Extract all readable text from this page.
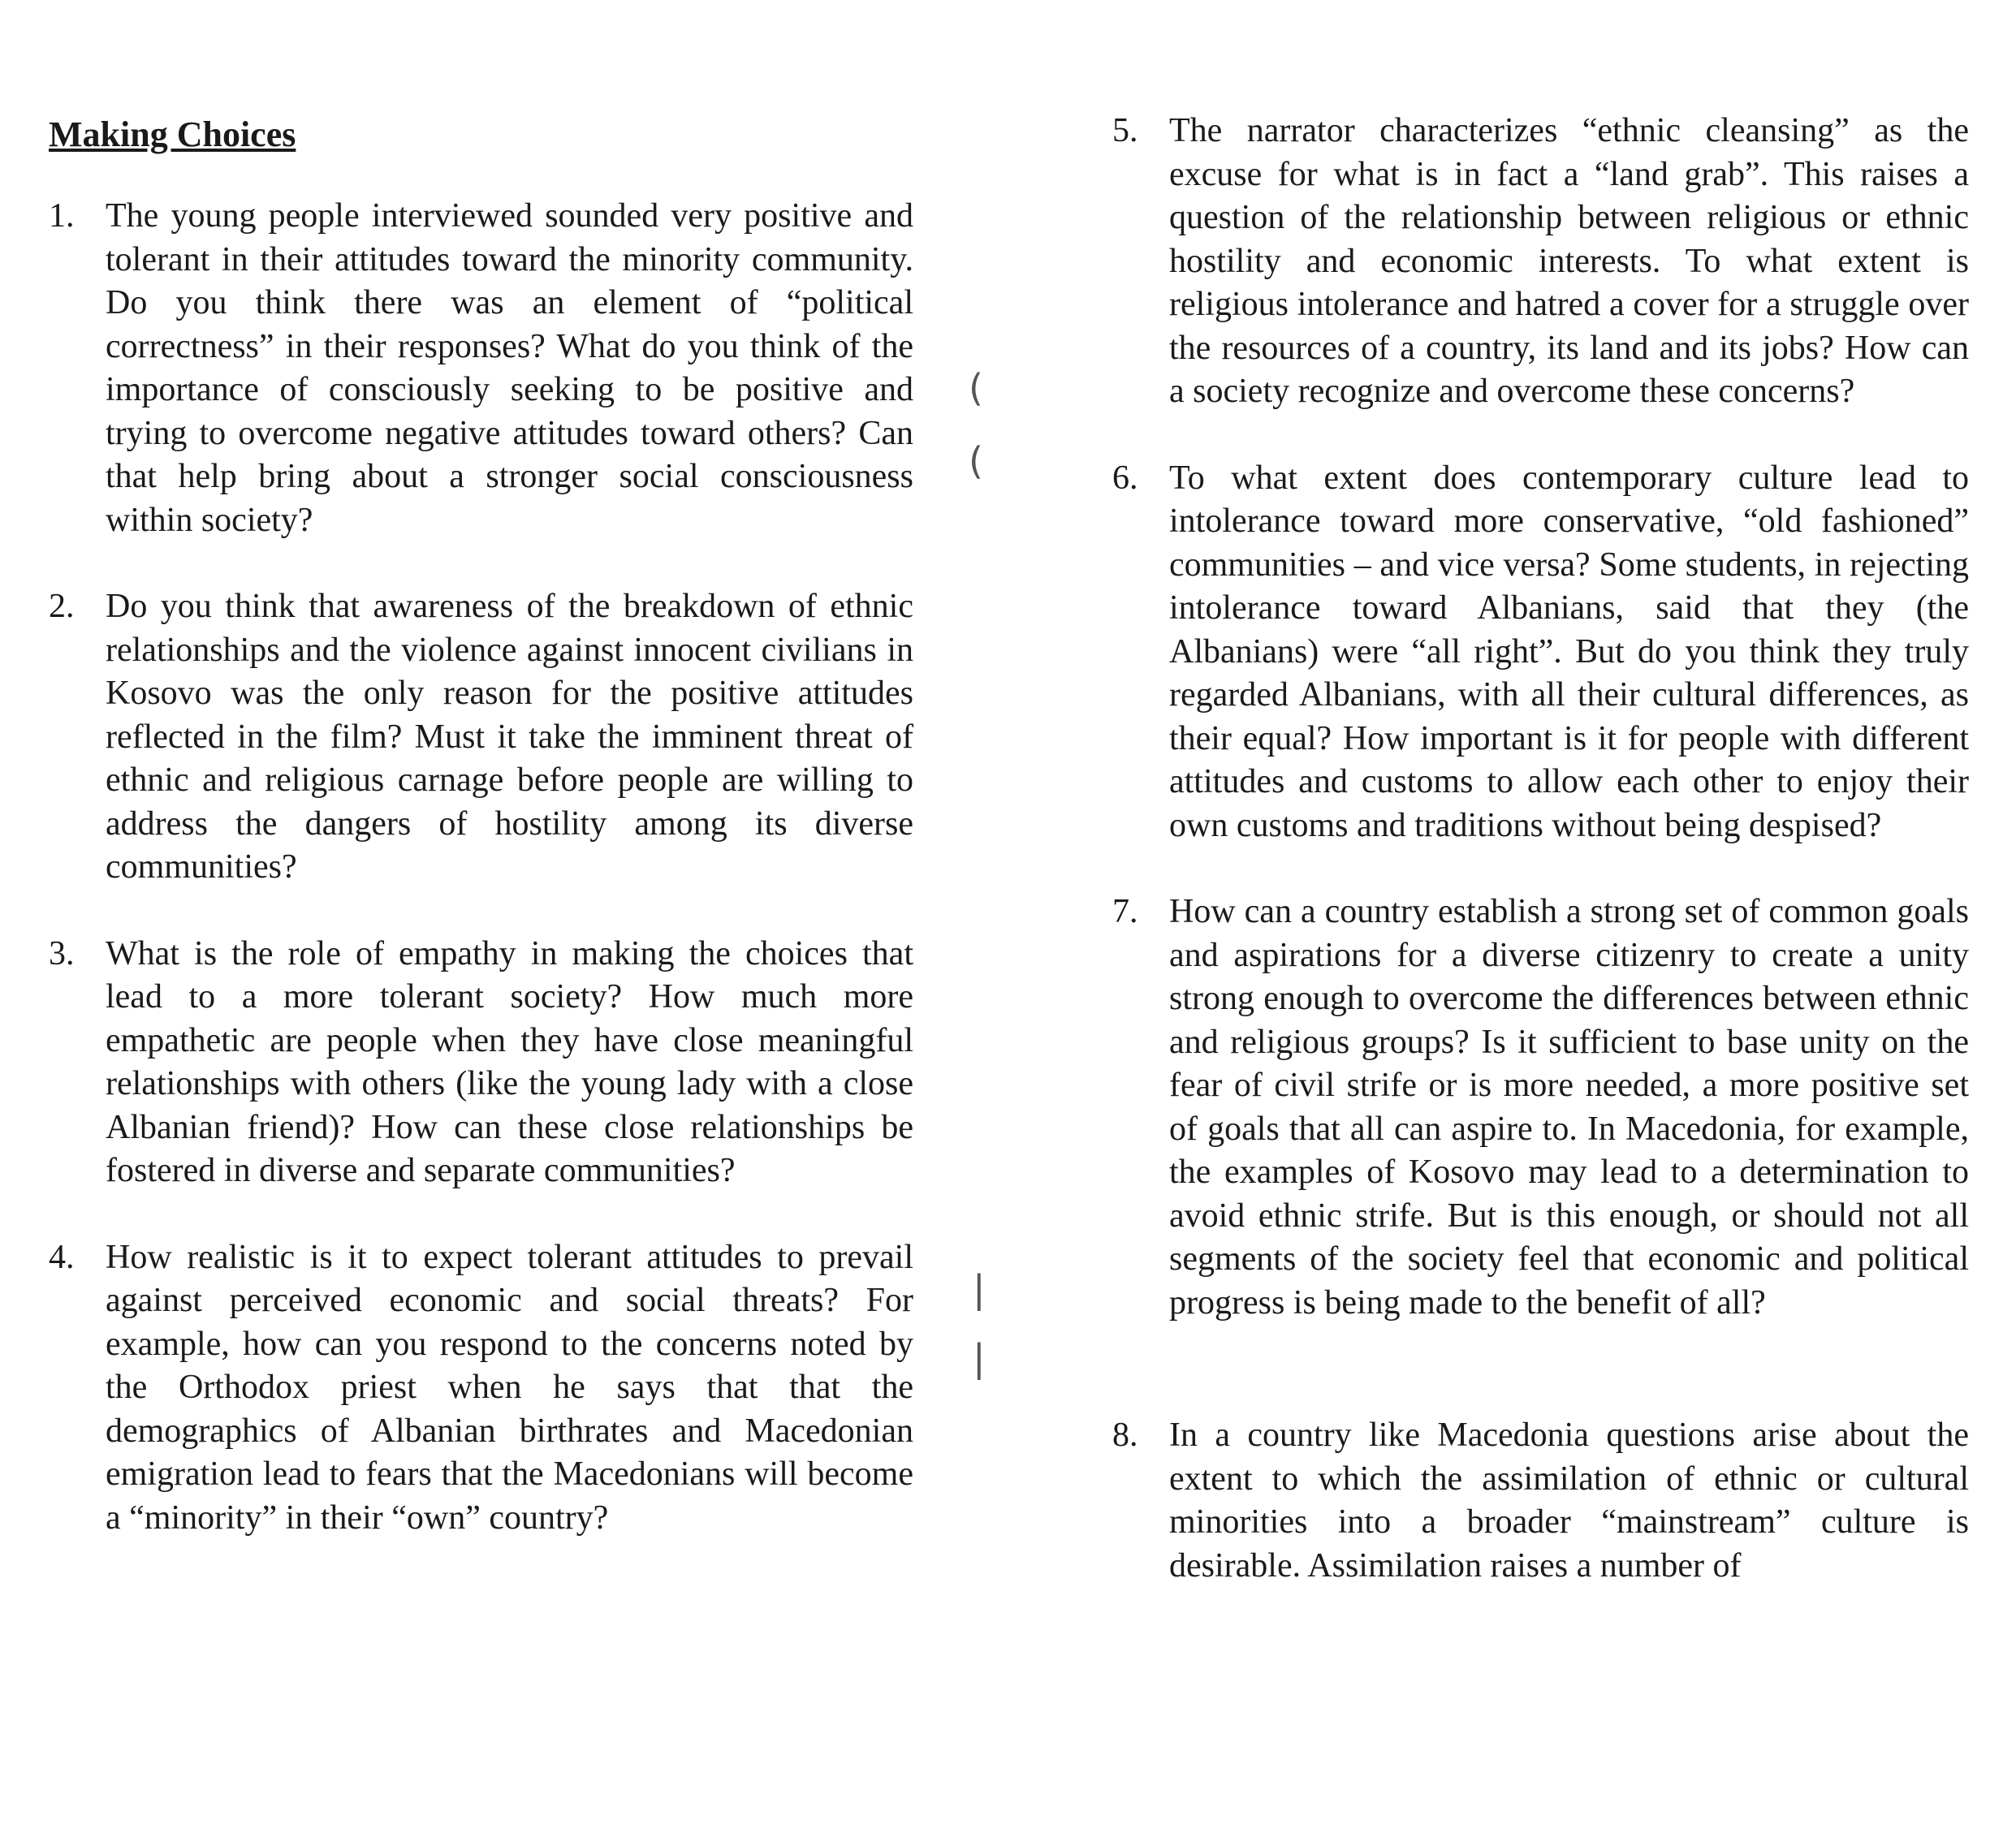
Making Choices
1. The young people interviewed sounded very positive and tolerant in their attitudes toward the minority community. Do you think there was an element of “political correctness” in their responses? What do you think of the importance of consciously seeking to be positive and trying to overcome negative attitudes toward others? Can that help bring about a stronger social consciousness within society?

2. Do you think that awareness of the breakdown of ethnic relationships and the violence against innocent civilians in Kosovo was the only reason for the positive attitudes reflected in the film? Must it take the imminent threat of ethnic and religious carnage before people are willing to address the dangers of hostility among its diverse communities?

3. What is the role of empathy in making the choices that lead to a more tolerant society? How much more empathetic are people when they have close meaningful relationships with others (like the young lady with a close Albanian friend)? How can these close relationships be fostered in diverse and separate communities?

4. How realistic is it to expect tolerant attitudes to prevail against perceived economic and social threats? For example, how can you respond to the concerns noted by the Orthodox priest when he says that that the demographics of Albanian birthrates and Macedonian emigration lead to fears that the Macedonians will become a “minority” in their “own” country?

5. The narrator characterizes “ethnic cleansing” as the excuse for what is in fact a “land grab”. This raises a question of the relationship between religious or ethnic hostility and economic interests. To what extent is religious intolerance and hatred a cover for a struggle over the resources of a country, its land and its jobs? How can a society recognize and overcome these concerns?

6. To what extent does contemporary culture lead to intolerance toward more conservative, “old fashioned” communities – and vice versa? Some students, in rejecting intolerance toward Albanians, said that they (the Albanians) were “all right”. But do you think they truly regarded Albanians, with all their cultural differences, as their equal? How important is it for people with different attitudes and customs to allow each other to enjoy their own customs and traditions without being despised?

7. How can a country establish a strong set of common goals and aspirations for a diverse citizenry to create a unity strong enough to overcome the differences between ethnic and religious groups? Is it sufficient to base unity on the fear of civil strife or is more needed, a more positive set of goals that all can aspire to. In Macedonia, for example, the examples of Kosovo may lead to a determination to avoid ethnic strife. But is this enough, or should not all segments of the society feel that economic and political progress is being made to the benefit of all?

8. In a country like Macedonia questions arise about the extent to which the assimilation of ethnic or cultural minorities into a broader “mainstream” culture is desirable. Assimilation raises a number of

(
(
|
|
